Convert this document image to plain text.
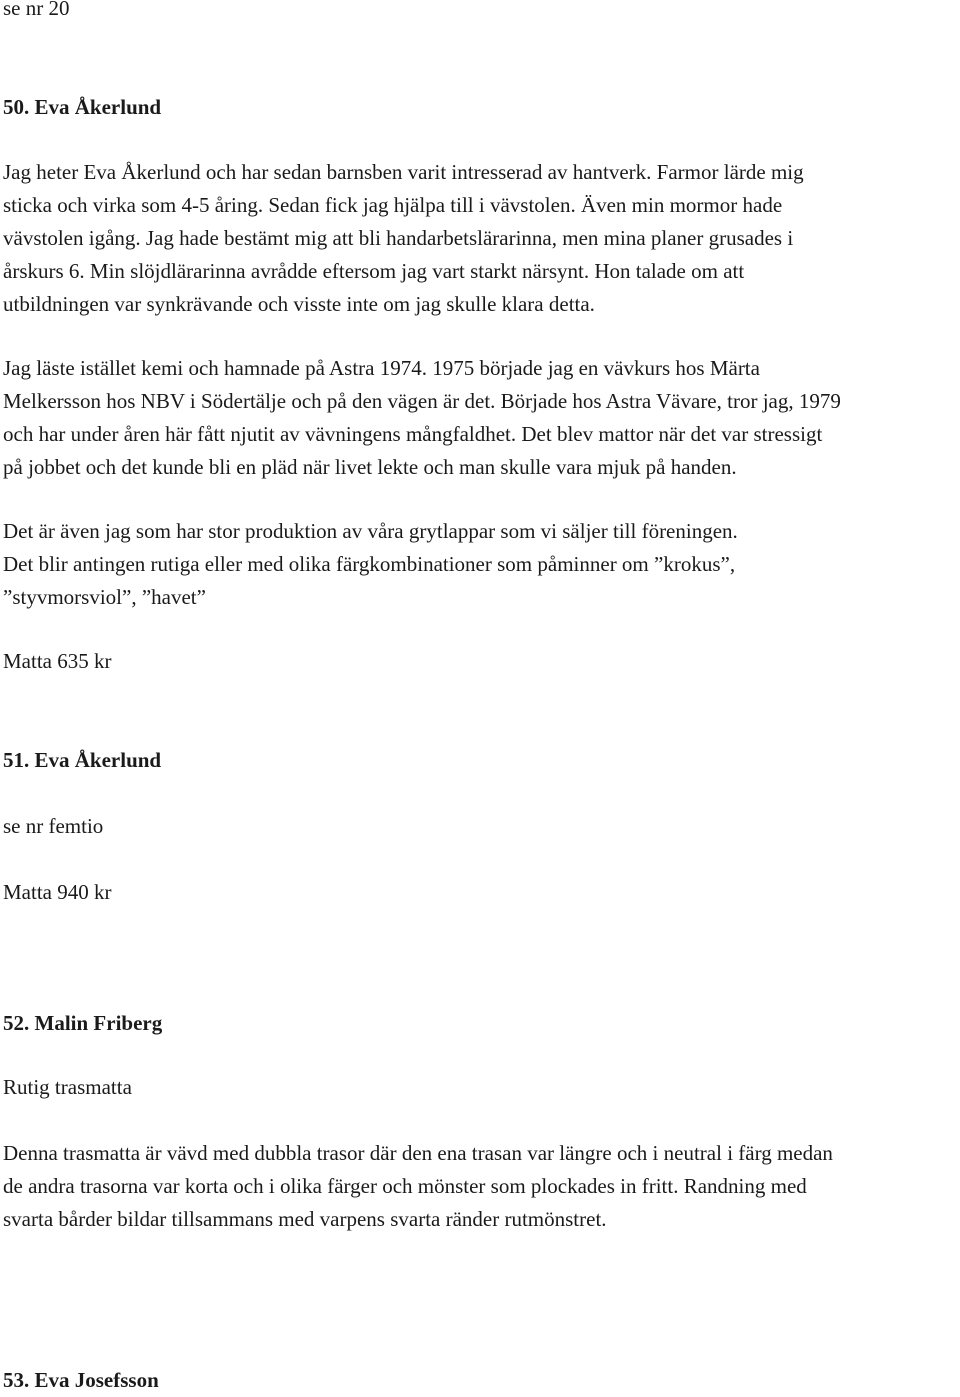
se nr 20

50. Eva Åkerlund

Jag heter Eva Åkerlund och har sedan barnsben varit intresserad av hantverk. Farmor lärde mig

sticka och virka som 4-5 åring. Sedan fick jag hjälpa till i vävstolen. Även min mormor hade

vävstolen igång. Jag hade bestämt mig att bli handarbetslärarinna, men mina planer grusades i

årskurs 6. Min slöjdlärarinna avrådde eftersom jag vart starkt närsynt. Hon talade om att

utbildningen var synkrävande och visste inte om jag skulle klara detta.

Jag läste istället kemi och hamnade på Astra 1974. 1975 började jag en vävkurs hos Märta

Melkersson hos NBV i Södertälje och på den vägen är det. Började hos Astra Vävare, tror jag, 1979

och har under åren här fått njutit av vävningens mångfaldhet. Det blev mattor när det var stressigt

på jobbet och det kunde bli en pläd när livet lekte och man skulle vara mjuk på handen.

Det är även jag som har stor produktion av våra grytlappar som vi säljer till föreningen.

Det blir antingen rutiga eller med olika färgkombinationer som påminner om ”krokus”,

”styvmorsviol”, ”havet”

Matta 635 kr

51. Eva Åkerlund

se nr femtio

Matta 940 kr

52. Malin Friberg

Rutig trasmatta

Denna trasmatta är vävd med dubbla trasor där den ena trasan var längre och i neutral i färg medan

de andra trasorna var korta och i olika färger och mönster som plockades in fritt. Randning med

svarta bårder bildar tillsammans med varpens svarta ränder rutmönstret.

53. Eva Josefsson
